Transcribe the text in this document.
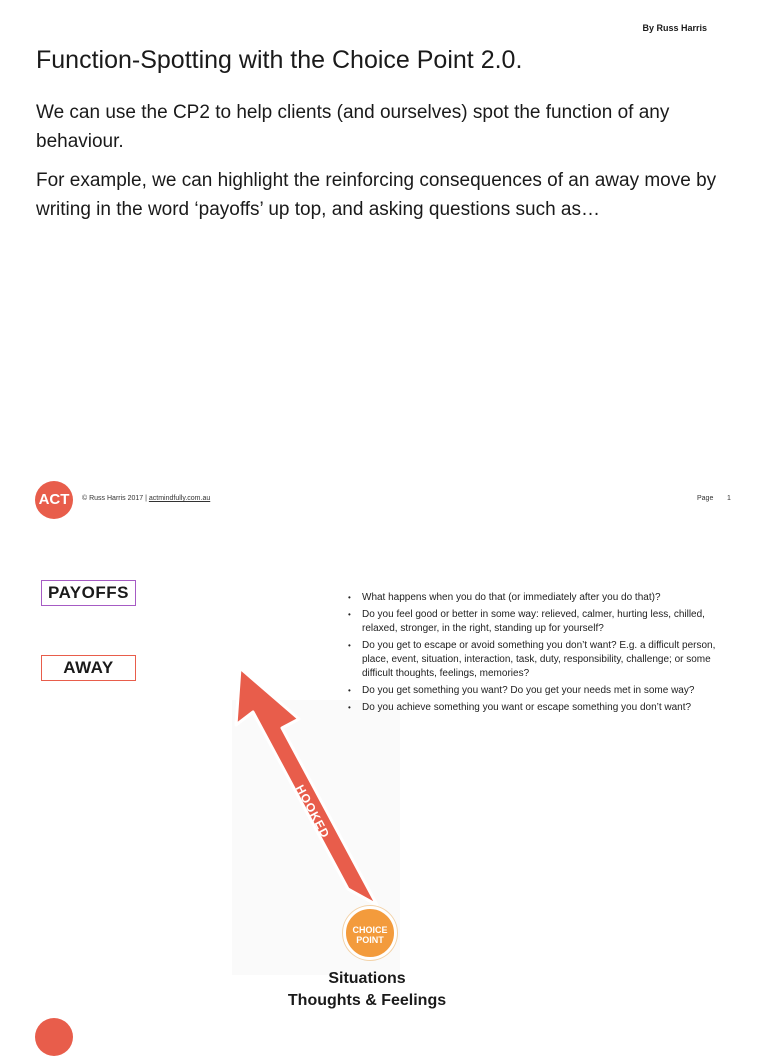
By Russ Harris
Function-Spotting with the Choice Point 2.0.

We can use the CP2 to help clients (and ourselves) spot the function of any behaviour.

For example, we can highlight the reinforcing consequences of an away move by writing in the word ‘payoffs’ up top, and asking questions such as…

ACT	© Russ Harris 2017 | actmindfully.com.au	Page 1
HOOKED
PAYOFFS
AWAY
CHOICE
POINT
Situations
Thoughts & Feelings
• What happens when you do that (or immediately after you do that)?
• Do you feel good or better in some way: relieved, calmer, hurting less, chilled, relaxed, stronger, in the right, standing up for yourself?
• Do you get to escape or avoid something you don’t want? E.g. a difficult person, place, event, situation, interaction, task, duty, responsibility, challenge; or some difficult thoughts, feelings, memories?
• Do you get something you want? Do you get your needs met in some way?
• Do you achieve something you want or escape something you don’t want?
